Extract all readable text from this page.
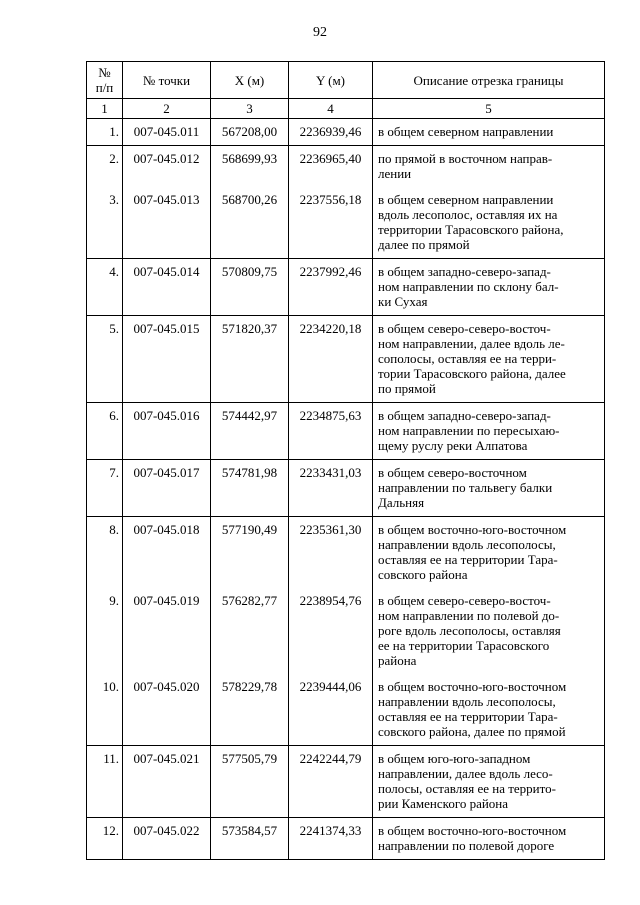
92
№ п/п	№ точки	X (м)	Y (м)	Описание отрезка границы
1	2	3	4	5
1.	007-045.011	567208,00	2236939,46	в общем северном направлении

2.	007-045.012	568699,93	2236965,40	по прямой в восточном направ-
лении

3.	007-045.013	568700,26	2237556,18	в общем северном направлении
вдоль лесополос, оставляя их на
территории Тарасовского района,
далее по прямой

4.	007-045.014	570809,75	2237992,46	в общем западно-северо-запад-
ном направлении по склону бал-
ки Сухая

5.	007-045.015	571820,37	2234220,18	в общем северо-северо-восточ-
ном направлении, далее вдоль ле-
сополосы, оставляя ее на терри-
тории Тарасовского района, далее
по прямой

6.	007-045.016	574442,97	2234875,63	в общем западно-северо-запад-
ном направлении по пересыхаю-
щему руслу реки Алпатова

7.	007-045.017	574781,98	2233431,03	в общем северо-восточном
направлении по тальвегу балки
Дальняя

8.	007-045.018	577190,49	2235361,30	в общем восточно-юго-восточном
направлении вдоль лесополосы,
оставляя ее на территории Тара-
совского района

9.	007-045.019	576282,77	2238954,76	в общем северо-северо-восточ-
ном направлении по полевой до-
роге вдоль лесополосы, оставляя
ее на территории Тарасовского
района

10.	007-045.020	578229,78	2239444,06	в общем восточно-юго-восточном
направлении вдоль лесополосы,
оставляя ее на территории Тара-
совского района, далее по прямой

11.	007-045.021	577505,79	2242244,79	в общем юго-юго-западном
направлении, далее вдоль лесо-
полосы, оставляя ее на террито-
рии Каменского района

12.	007-045.022	573584,57	2241374,33	в общем восточно-юго-восточном
направлении по полевой дороге
